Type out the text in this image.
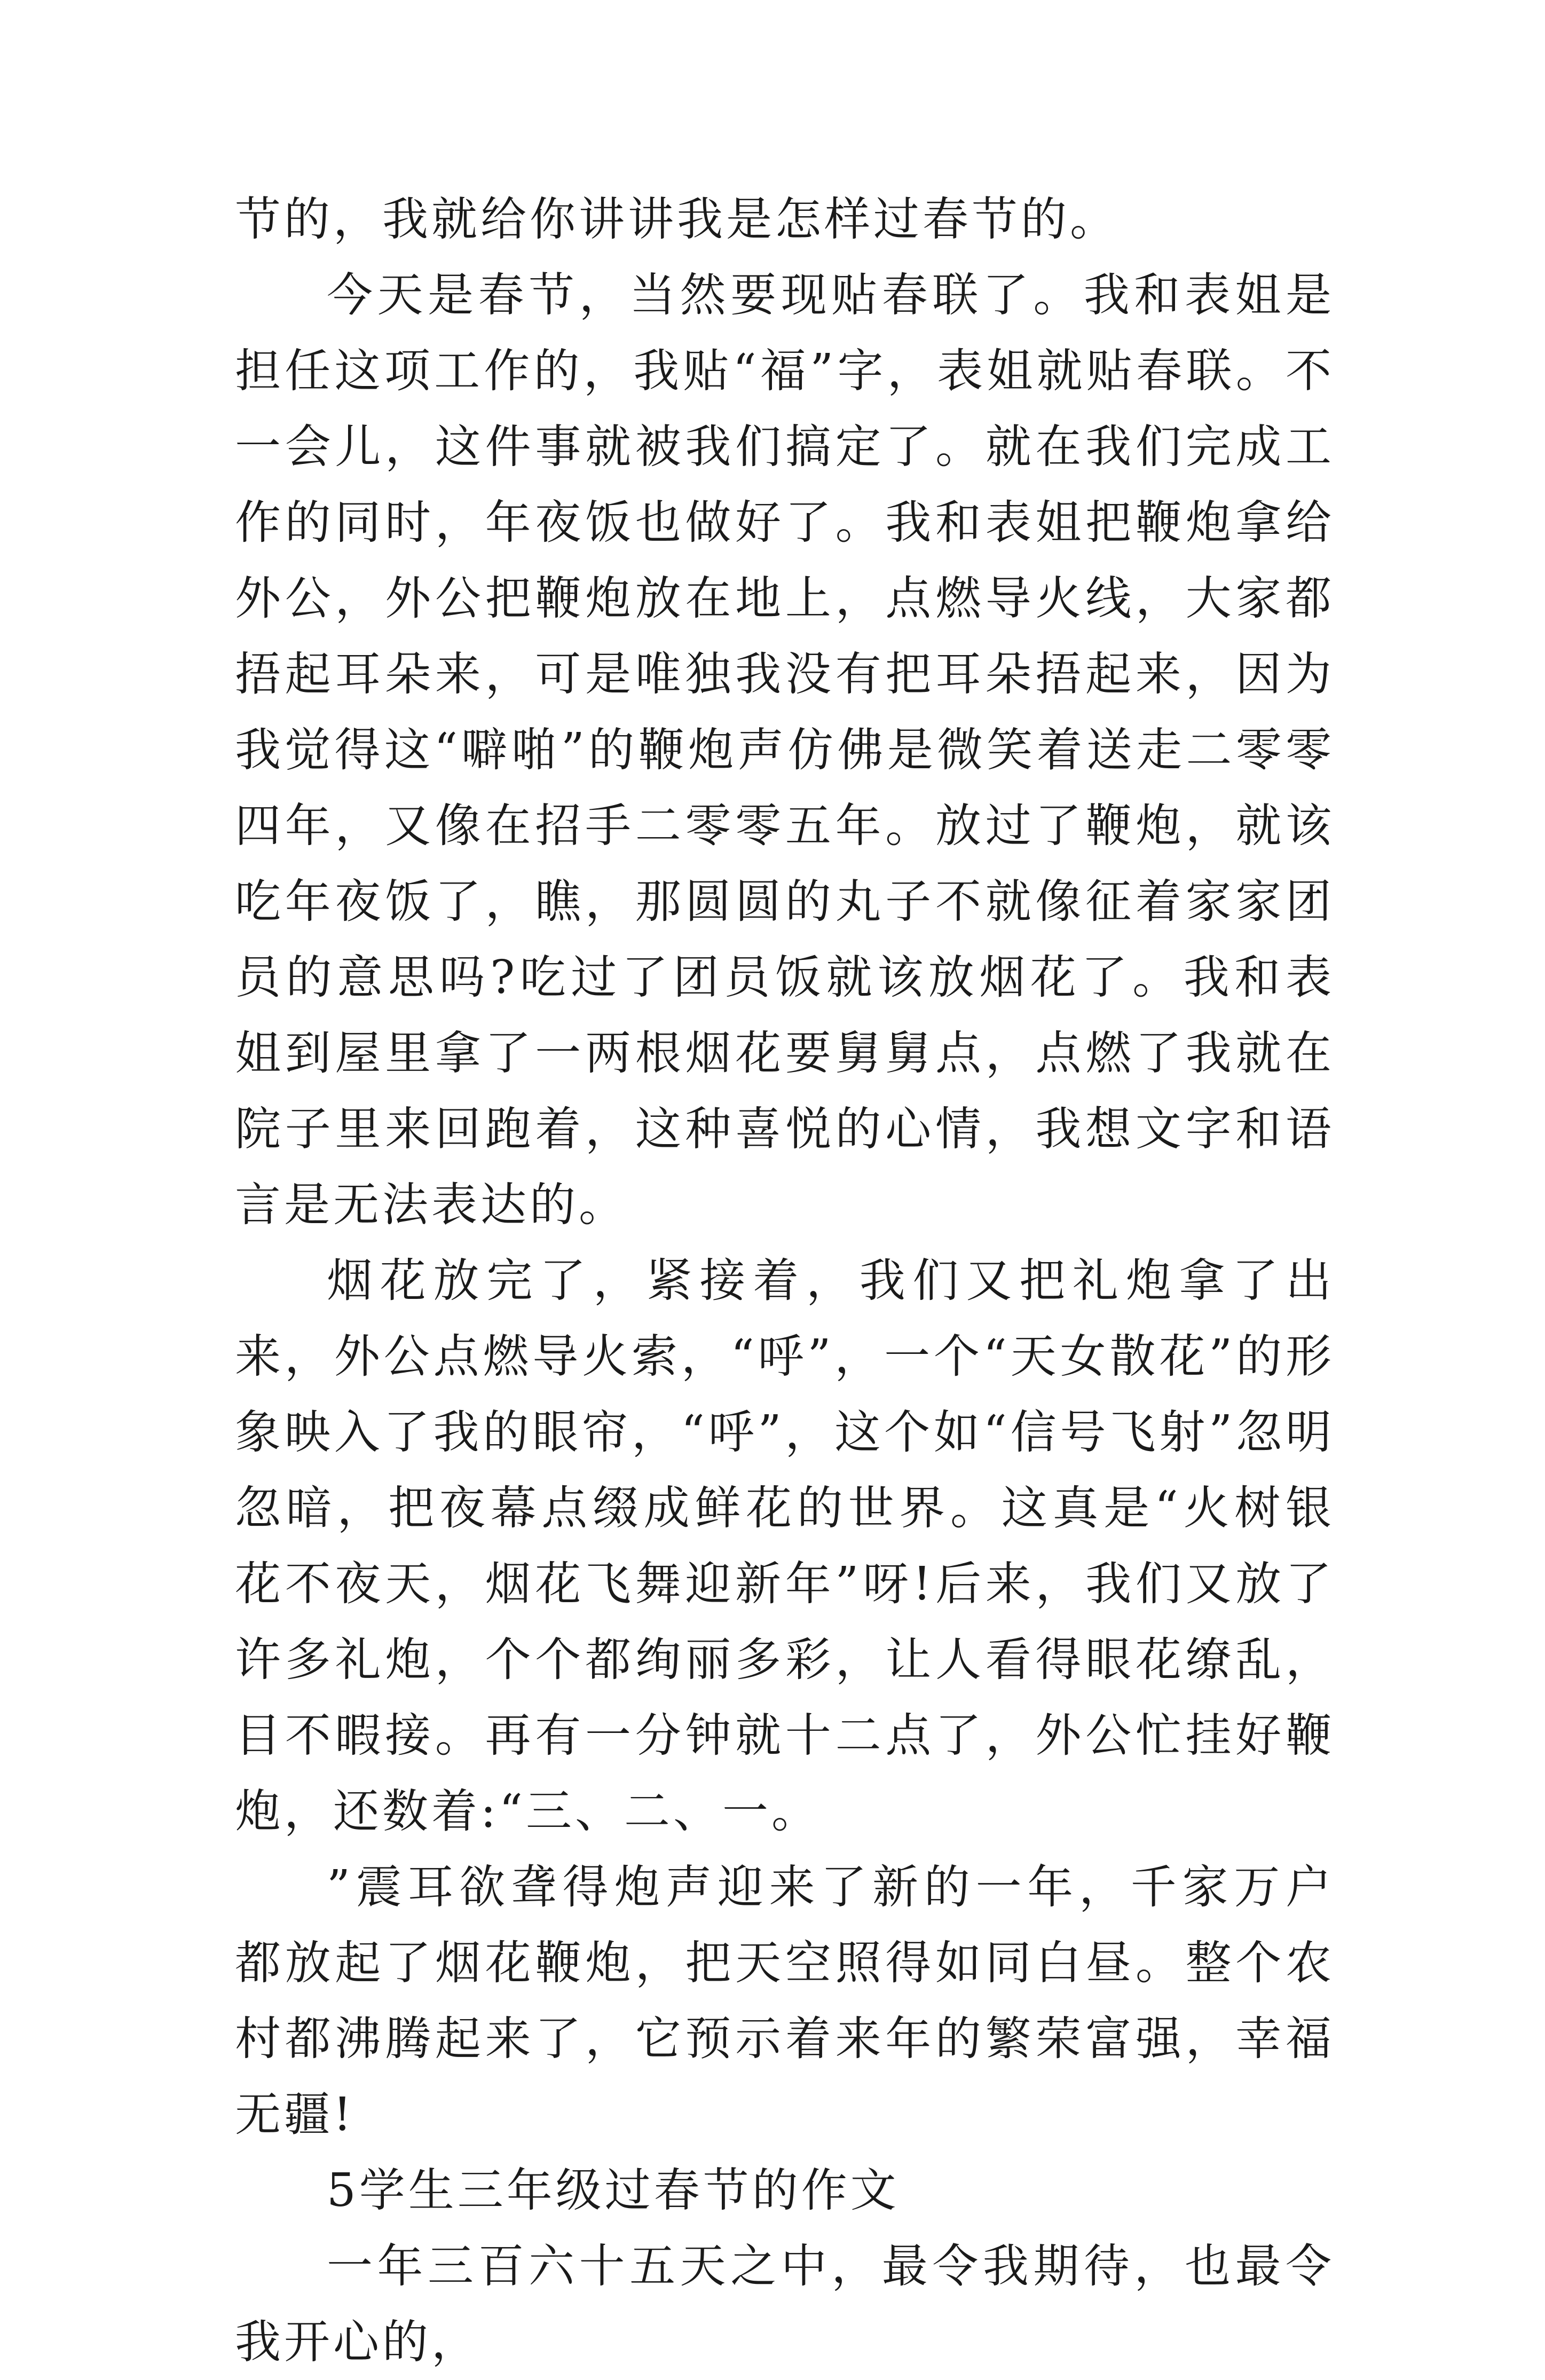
节的，我就给你讲讲我是怎样过春节的。

今天是春节，当然要现贴春联了。我和表姐是担任这项工作的，我贴“福”字，表姐就贴春联。不一会儿，这件事就被我们搞定了。就在我们完成工作的同时，年夜饭也做好了。我和表姐把鞭炮拿给外公，外公把鞭炮放在地上，点燃导火线，大家都捂起耳朵来，可是唯独我没有把耳朵捂起来，因为我觉得这“噼啪”的鞭炮声仿佛是微笑着送走二零零四年，又像在招手二零零五年。放过了鞭炮，就该吃年夜饭了，瞧，那圆圆的丸子不就像征着家家团员的意思吗?吃过了团员饭就该放烟花了。我和表姐到屋里拿了一两根烟花要舅舅点，点燃了我就在院子里来回跑着，这种喜悦的心情，我想文字和语言是无法表达的。

烟花放完了，紧接着，我们又把礼炮拿了出来，外公点燃导火索，“呼”，一个“天女散花”的形象映入了我的眼帘，“呼”，这个如“信号飞射”忽明忽暗，把夜幕点缀成鲜花的世界。这真是“火树银花不夜天，烟花飞舞迎新年”呀!后来，我们又放了许多礼炮，个个都绚丽多彩，让人看得眼花缭乱，目不暇接。再有一分钟就十二点了，外公忙挂好鞭炮，还数着:“三、二、一。

”震耳欲聋得炮声迎来了新的一年，千家万户都放起了烟花鞭炮，把天空照得如同白昼。整个农村都沸腾起来了，它预示着来年的繁荣富强，幸福无疆!

5学生三年级过春节的作文

一年三百六十五天之中，最令我期待，也最令我开心的，
